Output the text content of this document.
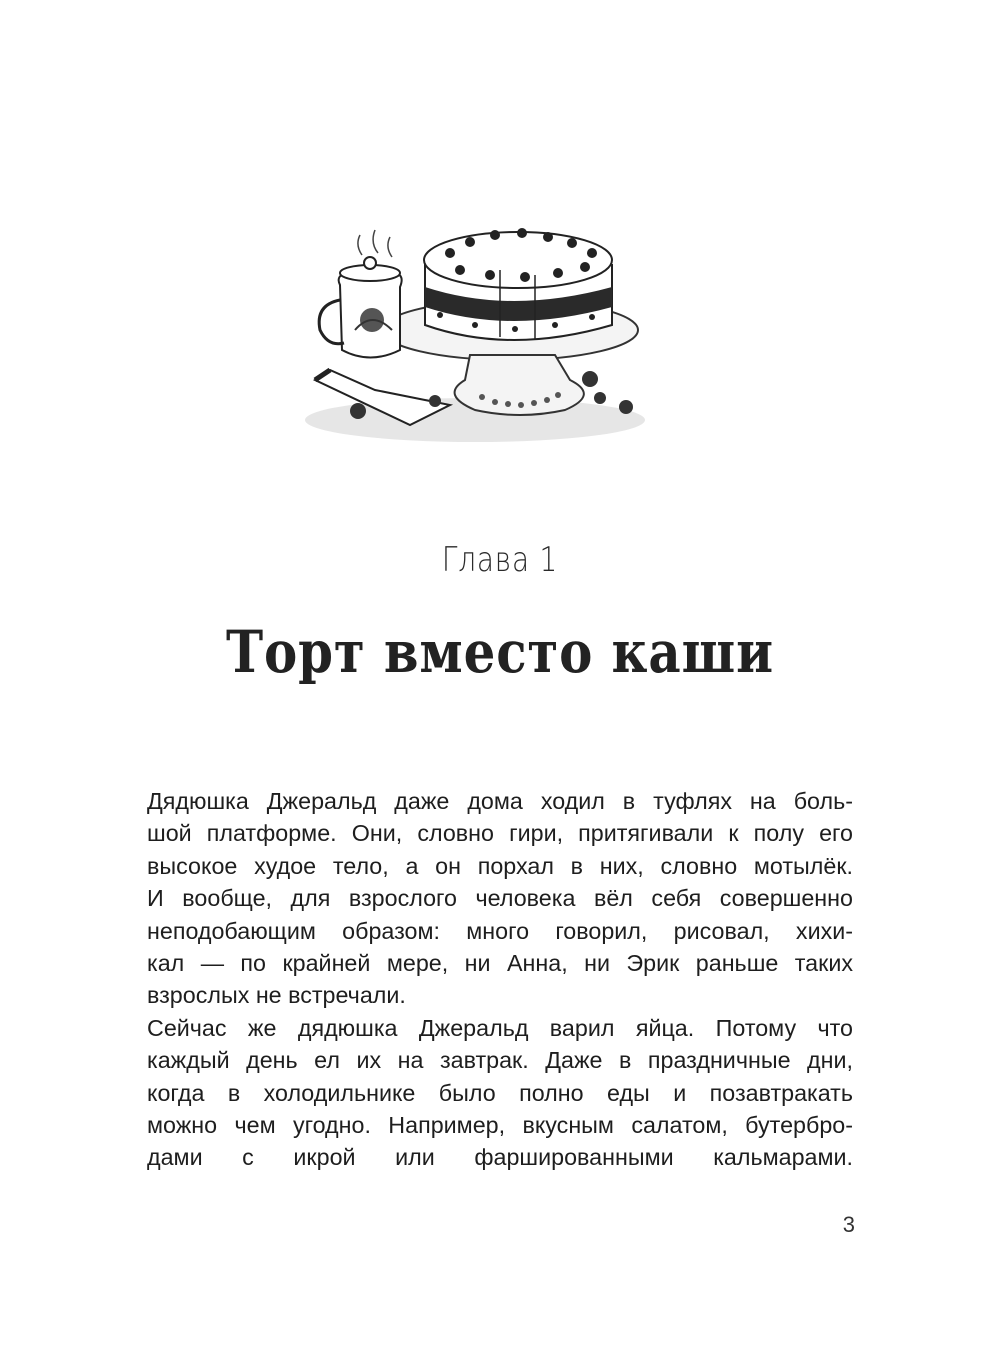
Глава 1
Торт вместо каши

Дядюшка Джеральд даже дома ходил в туфлях на боль-
шой платформе. Они, словно гири, притягивали к полу его
высокое худое тело, а он порхал в них, словно мотылёк.
И вообще, для взрослого человека вёл себя совершенно
неподобающим образом: много говорил, рисовал, хихи-
кал — по крайней мере, ни Анна, ни Эрик раньше таких
взрослых не встречали.

Сейчас же дядюшка Джеральд варил яйца. Потому что
каждый день ел их на завтрак. Даже в праздничные дни,
когда в холодильнике было полно еды и позавтракать
можно чем угодно. Например, вкусным салатом, бутербро-
дами с икрой или фаршированными кальмарами.

3
